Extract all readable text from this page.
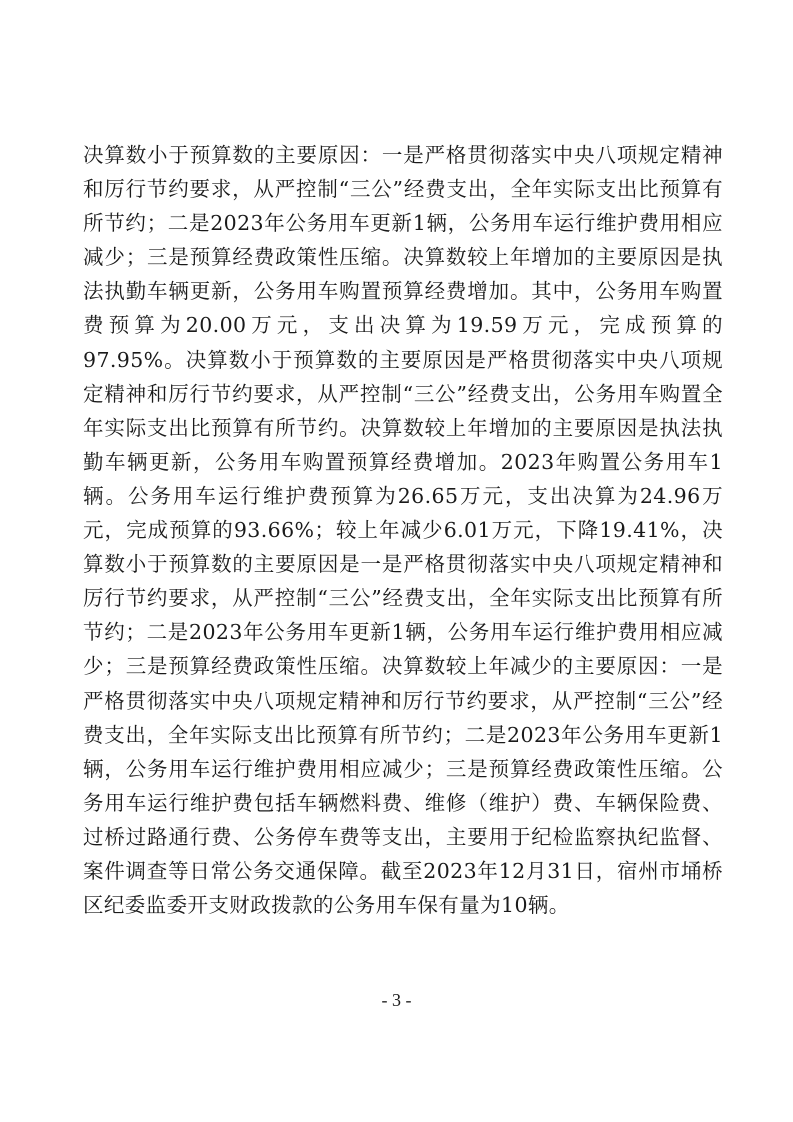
决算数小于预算数的主要原因：一是严格贯彻落实中央八项规定精神和厉行节约要求，从严控制“三公”经费支出，全年实际支出比预算有所节约；二是2023年公务用车更新1辆，公务用车运行维护费用相应减少；三是预算经费政策性压缩。决算数较上年增加的主要原因是执法执勤车辆更新，公务用车购置预算经费增加。其中，公务用车购置费预算为20.00万元，支出决算为19.59万元，完成预算的97.95%。决算数小于预算数的主要原因是严格贯彻落实中央八项规定精神和厉行节约要求，从严控制“三公”经费支出，公务用车购置全年实际支出比预算有所节约。决算数较上年增加的主要原因是执法执勤车辆更新，公务用车购置预算经费增加。2023年购置公务用车1辆。公务用车运行维护费预算为26.65万元，支出决算为24.96万元，完成预算的93.66%；较上年减少6.01万元，下降19.41%，决算数小于预算数的主要原因是一是严格贯彻落实中央八项规定精神和厉行节约要求，从严控制“三公”经费支出，全年实际支出比预算有所节约；二是2023年公务用车更新1辆，公务用车运行维护费用相应减少；三是预算经费政策性压缩。决算数较上年减少的主要原因：一是严格贯彻落实中央八项规定精神和厉行节约要求，从严控制“三公”经费支出，全年实际支出比预算有所节约；二是2023年公务用车更新1辆，公务用车运行维护费用相应减少；三是预算经费政策性压缩。公务用车运行维护费包括车辆燃料费、维修（维护）费、车辆保险费、过桥过路通行费、公务停车费等支出，主要用于纪检监察执纪监督、案件调查等日常公务交通保障。截至2023年12月31日，宿州市埇桥区纪委监委开支财政拨款的公务用车保有量为10辆。

- 3 -
